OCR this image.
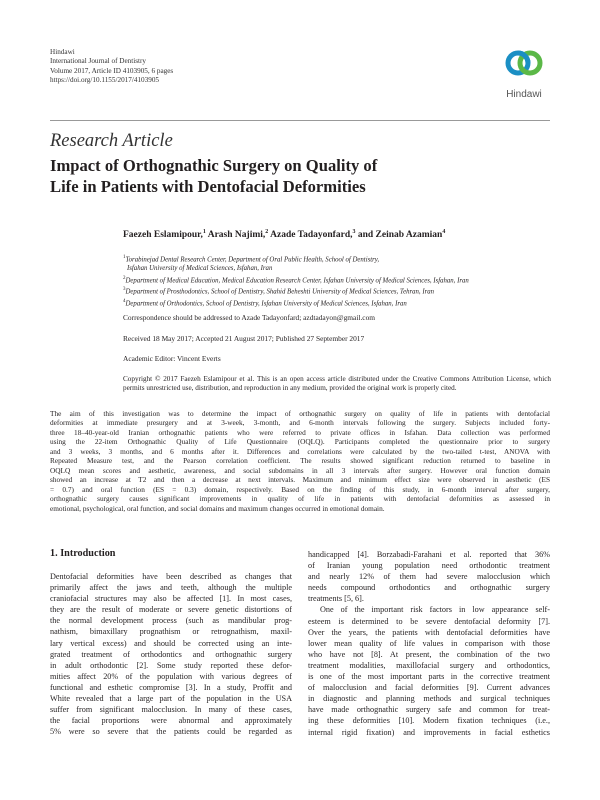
Hindawi
International Journal of Dentistry
Volume 2017, Article ID 4103905, 6 pages
https://doi.org/10.1155/2017/4103905
Hindawi
Research Article
Impact of Orthognathic Surgery on Quality of
Life in Patients with Dentofacial Deformities
Faezeh Eslamipour,$^1$ Arash Najimi,$^2$ Azade Tadayonfard,$^3$ and Zeinab Azamian$^4$
$^1$Torabinejad Dental Research Center, Department of Oral Public Health, School of Dentistry,
Isfahan University of Medical Sciences, Isfahan, Iran
$^2$Department of Medical Education, Medical Education Research Center, Isfahan University of Medical Sciences, Isfahan, Iran
$^3$Department of Prosthodontics, School of Dentistry, Shahid Beheshti University of Medical Sciences, Tehran, Iran
$^4$Department of Orthodontics, School of Dentistry, Isfahan University of Medical Sciences, Isfahan, Iran
Correspondence should be addressed to Azade Tadayonfard; azdtadayon@gmail.com
Received 18 May 2017; Accepted 21 August 2017; Published 27 September 2017
Academic Editor: Vincent Everts
Copyright © 2017 Faezeh Eslamipour et al. This is an open access article distributed under the Creative Commons Attribution License, which permits unrestricted use, distribution, and reproduction in any medium, provided the original work is properly cited.
The aim of this investigation was to determine the impact of orthognathic surgery on quality of life in patients with dentofacial
deformities at immediate presurgery and at 3-week, 3-month, and 6-month intervals following the surgery. Subjects included forty-
three 18–40-year-old Iranian orthognathic patients who were referred to private offices in Isfahan. Data collection was performed
using the 22-item Orthognathic Quality of Life Questionnaire (OQLQ). Participants completed the questionnaire prior to surgery
and 3 weeks, 3 months, and 6 months after it. Differences and correlations were calculated by the two-tailed t-test, ANOVA with
Repeated Measure test, and the Pearson correlation coefficient. The results showed significant reduction returned to baseline in
OQLQ mean scores and aesthetic, awareness, and social subdomains in all 3 intervals after surgery. However oral function domain
showed an increase at T2 and then a decrease at next intervals. Maximum and minimum effect size were observed in aesthetic (ES
= 0.7) and oral function (ES = 0.3) domain, respectively. Based on the finding of this study, in 6-month interval after surgery,
orthognathic surgery causes significant improvements in quality of life in patients with dentofacial deformities as assessed in
emotional, psychological, oral function, and social domains and maximum changes occurred in emotional domain.
1. Introduction
Dentofacial deformities have been described as changes that
primarily affect the jaws and teeth, although the multiple
craniofacial structures may also be affected [1]. In most cases,
they are the result of moderate or severe genetic distortions of
the normal development process (such as mandibular prog-
nathism, bimaxillary prognathism or retrognathism, maxil-
lary vertical excess) and should be corrected using an inte-
grated treatment of orthodontics and orthognathic surgery
in adult orthodontic [2]. Some study reported these defor-
mities affect 20% of the population with various degrees of
functional and esthetic compromise [3]. In a study, Proffit and
White revealed that a large part of the population in the USA
suffer from significant malocclusion. In many of these cases,
the facial proportions were abnormal and approximately
5% were so severe that the patients could be regarded as
handicapped [4]. Borzabadi-Farahani et al. reported that 36%
of Iranian young population need orthodontic treatment
and nearly 12% of them had severe malocclusion which
needs compound orthodontics and orthognathic surgery
treatments [5, 6].
One of the important risk factors in low appearance self-
esteem is determined to be severe dentofacial deformity [7].
Over the years, the patients with dentofacial deformities have
lower mean quality of life values in comparison with those
who have not [8]. At present, the combination of the two
treatment modalities, maxillofacial surgery and orthodontics,
is one of the most important parts in the corrective treatment
of malocclusion and facial deformities [9]. Current advances
in diagnostic and planning methods and surgical techniques
have made orthognathic surgery safe and common for treat-
ing these deformities [10]. Modern fixation techniques (i.e.,
internal rigid fixation) and improvements in facial esthetics
